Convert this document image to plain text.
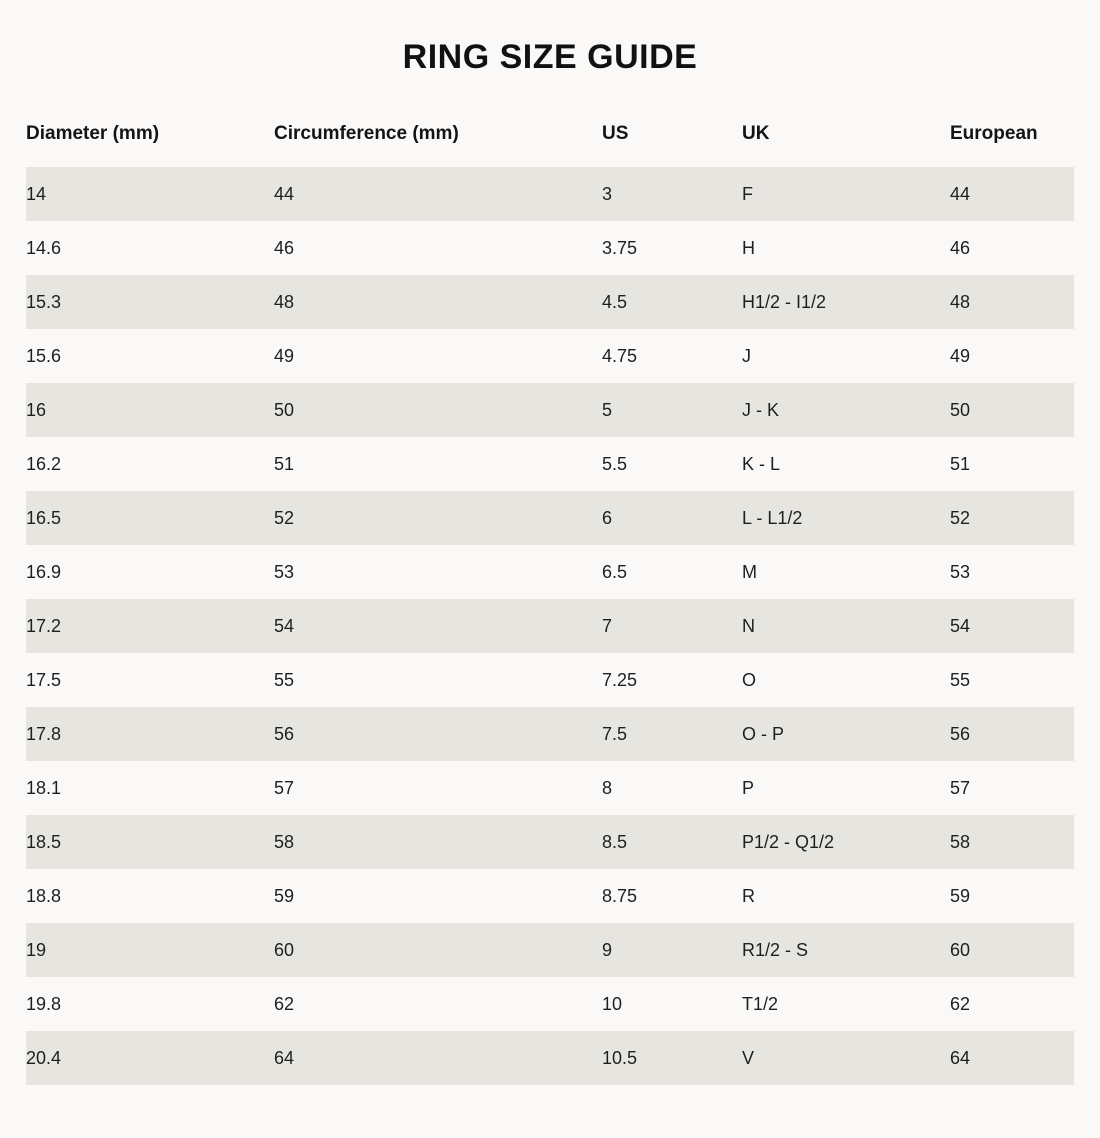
RING SIZE GUIDE
Diameter (mm)	Circumference (mm)	US	UK	European
14	44	3	F	44
14.6	46	3.75	H	46
15.3	48	4.5	H1/2 - I1/2	48
15.6	49	4.75	J	49
16	50	5	J - K	50
16.2	51	5.5	K - L	51
16.5	52	6	L - L1/2	52
16.9	53	6.5	M	53
17.2	54	7	N	54
17.5	55	7.25	O	55
17.8	56	7.5	O - P	56
18.1	57	8	P	57
18.5	58	8.5	P1/2 - Q1/2	58
18.8	59	8.75	R	59
19	60	9	R1/2 - S	60
19.8	62	10	T1/2	62
20.4	64	10.5	V	64
